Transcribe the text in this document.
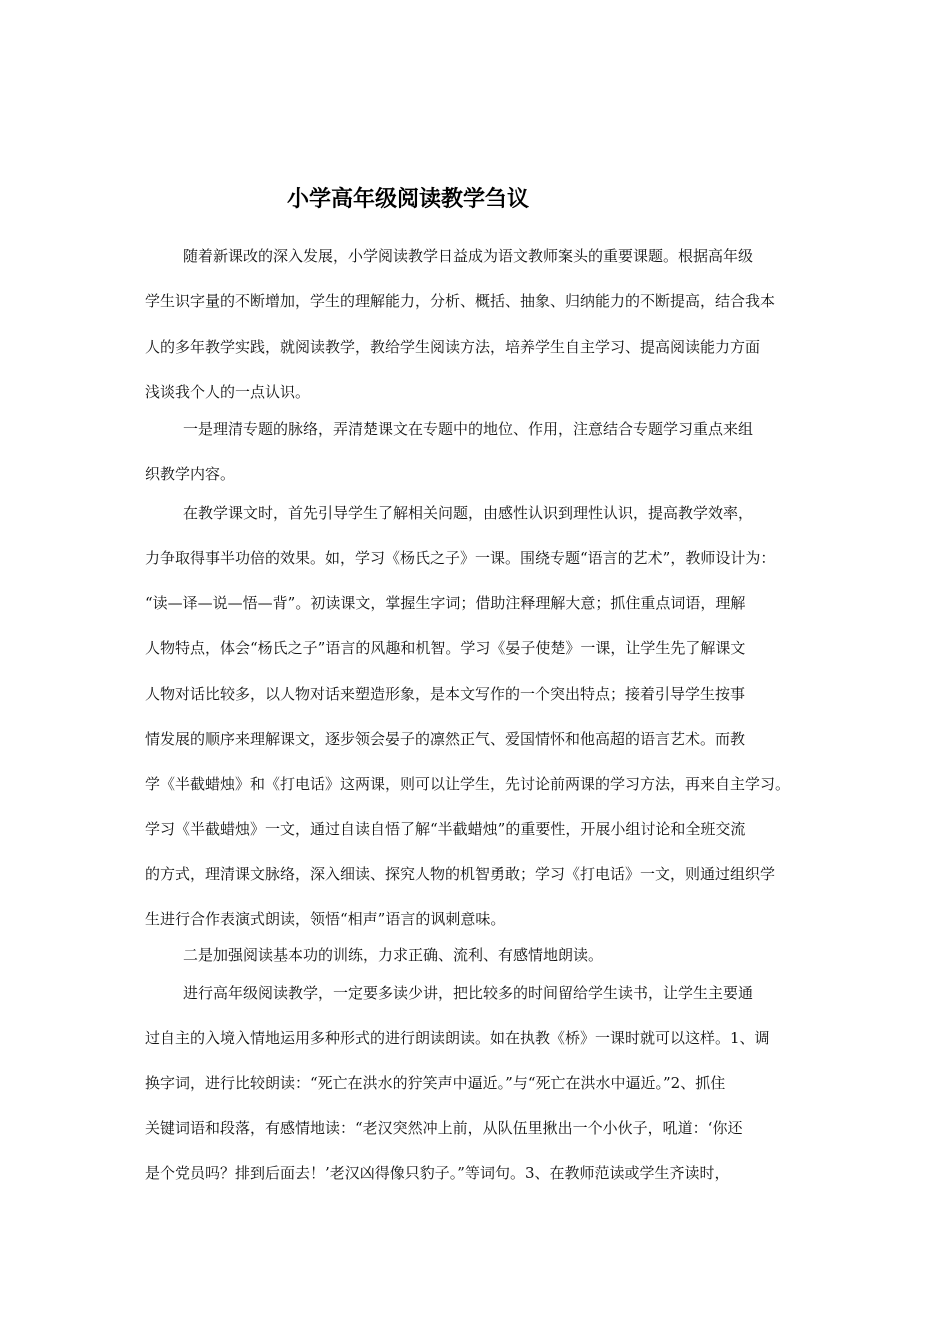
小学高年级阅读教学刍议
随着新课改的深入发展，小学阅读教学日益成为语文教师案头的重要课题。根据高年级
学生识字量的不断增加，学生的理解能力，分析、概括、抽象、归纳能力的不断提高，结合我本
人的多年教学实践，就阅读教学，教给学生阅读方法，培养学生自主学习、提高阅读能力方面
浅谈我个人的一点认识。
一是理清专题的脉络，弄清楚课文在专题中的地位、作用，注意结合专题学习重点来组
织教学内容。
在教学课文时，首先引导学生了解相关问题，由感性认识到理性认识，提高教学效率，
力争取得事半功倍的效果。如，学习《杨氏之子》一课。围绕专题“语言的艺术”，教师设计为：
“读—译—说—悟—背”。初读课文，掌握生字词；借助注释理解大意；抓住重点词语，理解
人物特点，体会“杨氏之子”语言的风趣和机智。学习《晏子使楚》一课，让学生先了解课文
人物对话比较多，以人物对话来塑造形象，是本文写作的一个突出特点；接着引导学生按事
情发展的顺序来理解课文，逐步领会晏子的凛然正气、爱国情怀和他高超的语言艺术。而教
学《半截蜡烛》和《打电话》这两课，则可以让学生，先讨论前两课的学习方法，再来自主学习。
学习《半截蜡烛》一文，通过自读自悟了解“半截蜡烛”的重要性，开展小组讨论和全班交流
的方式，理清课文脉络，深入细读、探究人物的机智勇敢；学习《打电话》一文，则通过组织学
生进行合作表演式朗读，领悟“相声”语言的讽刺意味。
二是加强阅读基本功的训练，力求正确、流利、有感情地朗读。
进行高年级阅读教学，一定要多读少讲，把比较多的时间留给学生读书，让学生主要通
过自主的入境入情地运用多种形式的进行朗读朗读。如在执教《桥》一课时就可以这样。1、调
换字词，进行比较朗读：“死亡在洪水的狞笑声中逼近。”与“死亡在洪水中逼近。”2、抓住
关键词语和段落，有感情地读：“老汉突然冲上前，从队伍里揪出一个小伙子，吼道：‘你还
是个党员吗？排到后面去！’老汉凶得像只豹子。”等词句。3、在教师范读或学生齐读时，
